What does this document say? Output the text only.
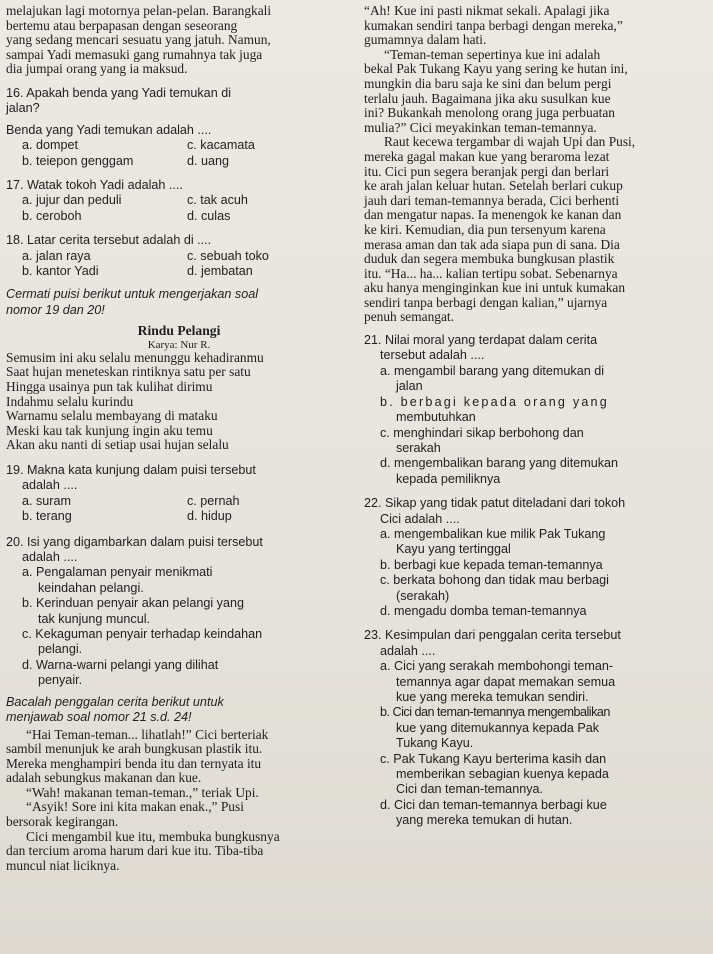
melajukan lagi motornya pelan-pelan. Barangkali

bertemu atau berpapasan dengan seseorang

yang sedang mencari sesuatu yang jatuh. Namun,

sampai Yadi memasuki gang rumahnya tak juga

dia jumpai orang yang ia maksud.

16. Apakah benda yang Yadi temukan di

jalan?

Benda yang Yadi temukan adalah ....

a. dompet	c. kacamata
b. teiepon genggam	d. uang

17. Watak tokoh Yadi adalah ....

a. jujur dan peduli	c. tak acuh
b. ceroboh	d. culas

18. Latar cerita tersebut adalah di ....

a. jalan raya	c. sebuah toko
b. kantor Yadi	d. jembatan

Cermati puisi berikut untuk mengerjakan soal

nomor 19 dan 20!

Rindu Pelangi
Karya: Nur R.

Semusim ini aku selalu menunggu kehadiranmu

Saat hujan meneteskan rintiknya satu per satu

Hingga usainya pun tak kulihat dirimu

Indahmu selalu kurindu

Warnamu selalu membayang di mataku

Meski kau tak kunjung ingin aku temu

Akan aku nanti di setiap usai hujan selalu

19. Makna kata kunjung dalam puisi tersebut

adalah ....

a. suram	c. pernah
b. terang	d. hidup

20. Isi yang digambarkan dalam puisi tersebut

adalah ....

a. Pengalaman penyair menikmati

keindahan pelangi.

b. Kerinduan penyair akan pelangi yang

tak kunjung muncul.

c. Kekaguman penyair terhadap keindahan

pelangi.

d. Warna-warni pelangi yang dilihat

penyair.

Bacalah penggalan cerita berikut untuk

menjawab soal nomor 21 s.d. 24!

“Hai Teman-teman... lihatlah!” Cici berteriak

sambil menunjuk ke arah bungkusan plastik itu.

Mereka menghampiri benda itu dan ternyata itu

adalah sebungkus makanan dan kue.

“Wah! makanan teman-teman.,” teriak Upi.

“Asyik! Sore ini kita makan enak.,” Pusi

bersorak kegirangan.

Cici mengambil kue itu, membuka bungkusnya

dan tercium aroma harum dari kue itu. Tiba-tiba

muncul niat liciknya.

“Ah! Kue ini pasti nikmat sekali. Apalagi jika

kumakan sendiri tanpa berbagi dengan mereka,”

gumamnya dalam hati.

“Teman-teman sepertinya kue ini adalah

bekal Pak Tukang Kayu yang sering ke hutan ini,

mungkin dia baru saja ke sini dan belum pergi

terlalu jauh. Bagaimana jika aku susulkan kue

ini? Bukankah menolong orang juga perbuatan

mulia?” Cici meyakinkan teman-temannya.

Raut kecewa tergambar di wajah Upi dan Pusi,

mereka gagal makan kue yang beraroma lezat

itu. Cici pun segera beranjak pergi dan berlari

ke arah jalan keluar hutan. Setelah berlari cukup

jauh dari teman-temannya berada, Cici berhenti

dan mengatur napas. Ia menengok ke kanan dan

ke kiri. Kemudian, dia pun tersenyum karena

merasa aman dan tak ada siapa pun di sana. Dia

duduk dan segera membuka bungkusan plastik

itu. “Ha... ha... kalian tertipu sobat. Sebenarnya

aku hanya menginginkan kue ini untuk kumakan

sendiri tanpa berbagi dengan kalian,” ujarnya

penuh semangat.

21. Nilai moral yang terdapat dalam cerita

tersebut adalah ....

a. mengambil barang yang ditemukan di

jalan

b. berbagi kepada orang yang

membutuhkan

c. menghindari sikap berbohong dan

serakah

d. mengembalikan barang yang ditemukan

kepada pemiliknya

22. Sikap yang tidak patut diteladani dari tokoh

Cici adalah ....

a. mengembalikan kue milik Pak Tukang

Kayu yang tertinggal

b. berbagi kue kepada teman-temannya

c. berkata bohong dan tidak mau berbagi

(serakah)

d. mengadu domba teman-temannya

23. Kesimpulan dari penggalan cerita tersebut

adalah ....

a. Cici yang serakah membohongi teman-

temannya agar dapat memakan semua

kue yang mereka temukan sendiri.

b. Cici dan teman-temannya mengembalikan

kue yang ditemukannya kepada Pak

Tukang Kayu.

c. Pak Tukang Kayu berterima kasih dan

memberikan sebagian kuenya kepada

Cici dan teman-temannya.

d. Cici dan teman-temannya berbagi kue

yang mereka temukan di hutan.
